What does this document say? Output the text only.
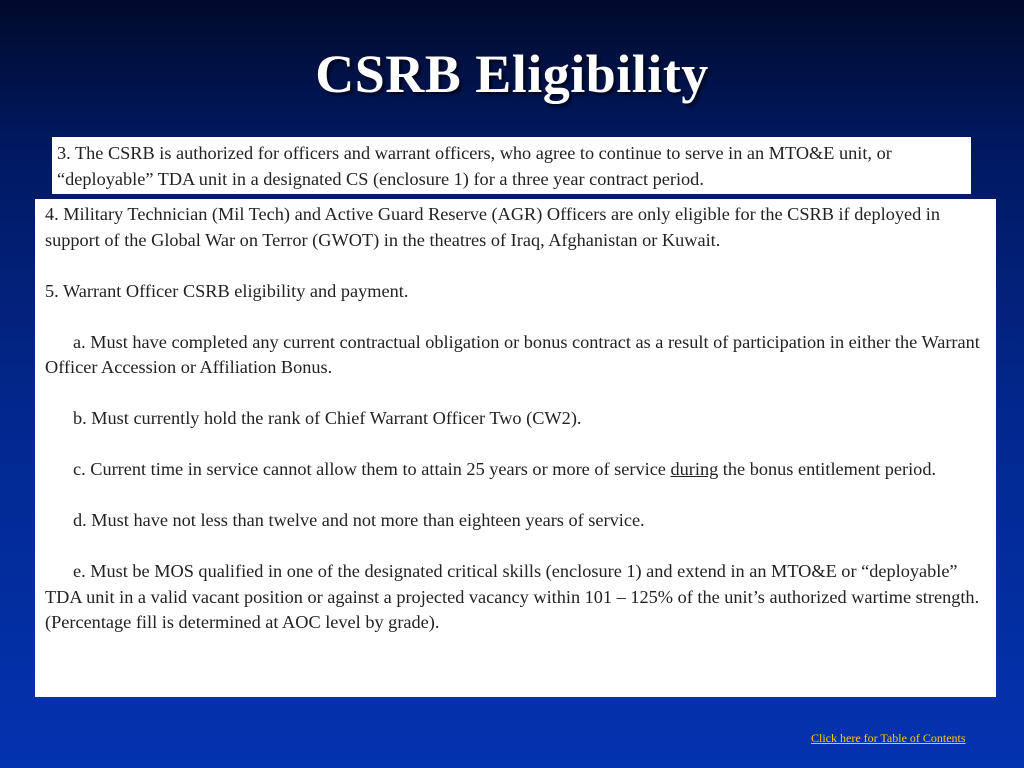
CSRB Eligibility

3. The CSRB is authorized for officers and warrant officers, who agree to continue to serve in an MTO&E unit, or “deployable” TDA unit in a designated CS (enclosure 1) for a three year contract period.

4. Military Technician (Mil Tech) and Active Guard Reserve (AGR) Officers are only eligible for the CSRB if deployed in support of the Global War on Terror (GWOT) in the theatres of Iraq, Afghanistan or Kuwait.

5. Warrant Officer CSRB eligibility and payment.

a. Must have completed any current contractual obligation or bonus contract as a result of participation in either the Warrant Officer Accession or Affiliation Bonus.

b. Must currently hold the rank of Chief Warrant Officer Two (CW2).

c. Current time in service cannot allow them to attain 25 years or more of service during the bonus entitlement period.

d. Must have not less than twelve and not more than eighteen years of service.

e. Must be MOS qualified in one of the designated critical skills (enclosure 1) and extend in an MTO&E or “deployable” TDA unit in a valid vacant position or against a projected vacancy within 101 – 125% of the unit’s authorized wartime strength. (Percentage fill is determined at AOC level by grade).

Click here for Table of Contents
